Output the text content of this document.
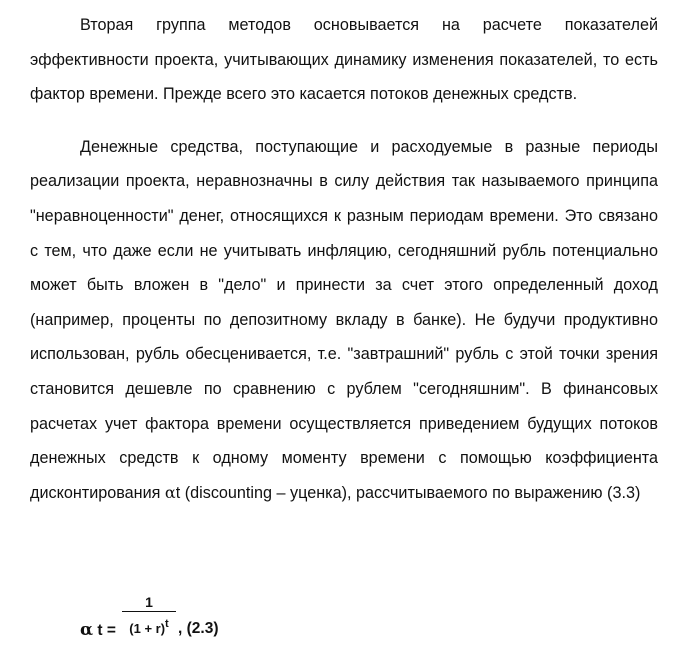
Вторая группа методов основывается на расчете показателей эффективности проекта, учитывающих динамику изменения показателей, то есть фактор времени. Прежде всего это касается потоков денежных средств.

Денежные средства, поступающие и расходуемые в разные периоды реализации проекта, неравнозначны в силу действия так называемого принципа "неравноценности" денег, относящихся к разным периодам времени. Это связано с тем, что даже если не учитывать инфляцию, сегодняшний рубль потенциально может быть вложен в "дело" и принести за счет этого определенный доход (например, проценты по депозитному вкладу в банке). Не будучи продуктивно использован, рубль обесценивается, т.е. "завтрашний" рубль с этой точки зрения становится дешевле по сравнению с рублем "сегодняшним". В финансовых расчетах учет фактора времени осуществляется приведением будущих потоков денежных средств к одному моменту времени с помощью коэффициента дисконтирования αt (discounting – уценка), рассчитываемого по выражению (3.3)

α t =
1
$(1 + r)^t$ , (2.3)
